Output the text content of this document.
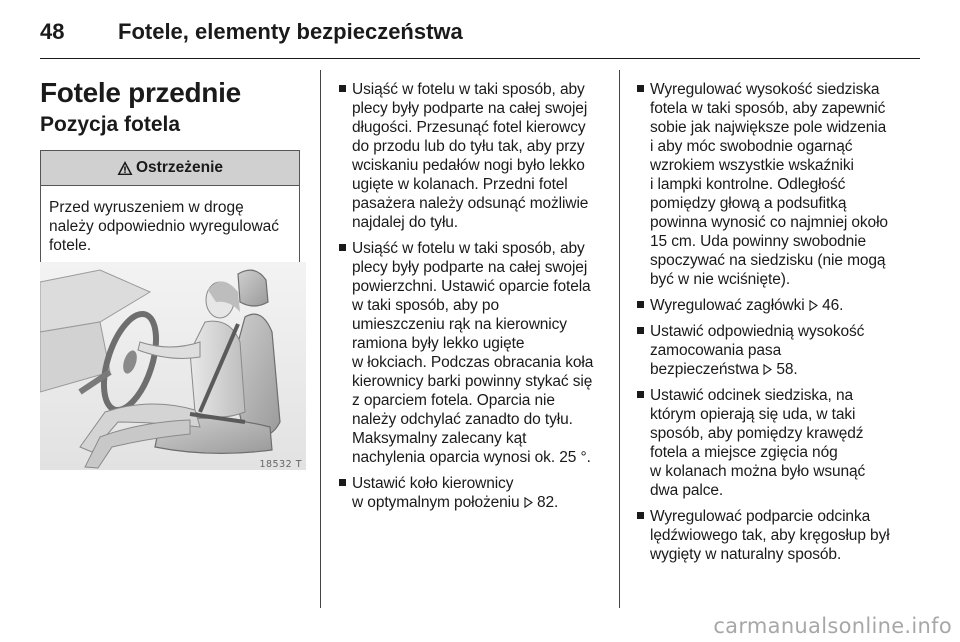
48 Fotele, elementy bezpieczeństwa
Fotele przednie
Pozycja fotela
Ostrzeżenie
Przed wyruszeniem w drogę
należy odpowiednio wyregulować
fotele.
18532 T
Usiąść w fotelu w taki sposób, aby
plecy były podparte na całej swojej
długości. Przesunąć fotel kierowcy
do przodu lub do tyłu tak, aby przy
wciskaniu pedałów nogi było lekko
ugięte w kolanach. Przedni fotel
pasażera należy odsunąć możliwie
najdalej do tyłu.
Usiąść w fotelu w taki sposób, aby
plecy były podparte na całej swojej
powierzchni. Ustawić oparcie fotela
w taki sposób, aby po
umieszczeniu rąk na kierownicy
ramiona były lekko ugięte
w łokciach. Podczas obracania koła
kierownicy barki powinny stykać się
z oparciem fotela. Oparcia nie
należy odchylać zanadto do tyłu.
Maksymalny zalecany kąt
nachylenia oparcia wynosi ok. 25 °.
Ustawić koło kierownicy
w optymalnym położeniu  82.
Wyregulować wysokość siedziska
fotela w taki sposób, aby zapewnić
sobie jak największe pole widzenia
i aby móc swobodnie ogarnąć
wzrokiem wszystkie wskaźniki
i lampki kontrolne. Odległość
pomiędzy głową a podsufitką
powinna wynosić co najmniej około
15 cm. Uda powinny swobodnie
spoczywać na siedzisku (nie mogą
być w nie wciśnięte).
Wyregulować zagłówki  46.
Ustawić odpowiednią wysokość
zamocowania pasa
bezpieczeństwa  58.
Ustawić odcinek siedziska, na
którym opierają się uda, w taki
sposób, aby pomiędzy krawędź
fotela a miejsce zgięcia nóg
w kolanach można było wsunąć
dwa palce.
Wyregulować podparcie odcinka
lędźwiowego tak, aby kręgosłup był
wygięty w naturalny sposób.
carmanualsonline.info
